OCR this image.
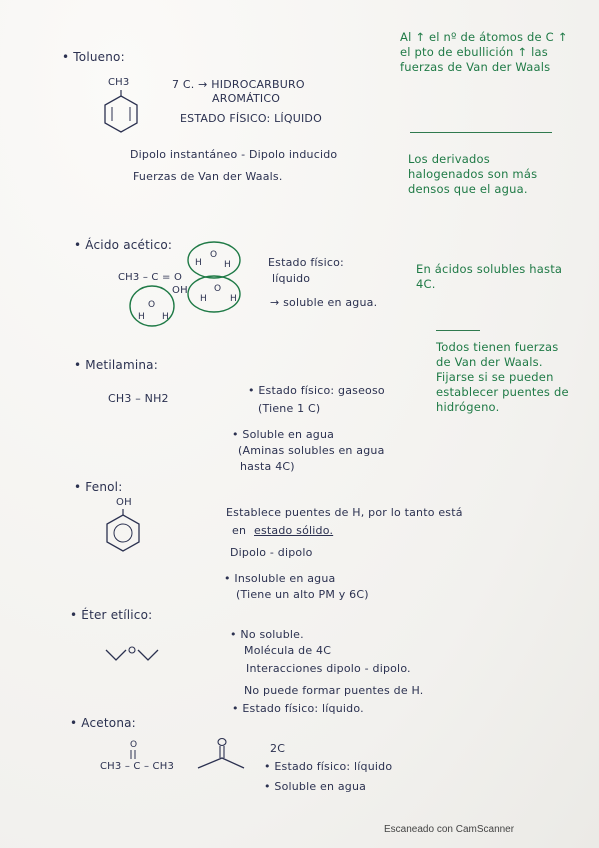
• Tolueno:
CH3	7 C. → HIDROCARBURO
AROMÁTICO
ESTADO FÍSICO: LÍQUIDO
Dipolo instantáneo - Dipolo inducido
Fuerzas de Van der Waals.
• Ácido acético:
CH3 – C = O
OH
H
O
H
O
H	H
O
H H
Estado físico:
líquido
→ soluble en agua.
• Metilamina:
CH3 – NH2
• Estado físico: gaseoso
(Tiene 1 C)
• Soluble en agua
(Aminas solubles en agua
hasta 4C)
• Fenol:
OH
Establece puentes de H, por lo tanto está
en estado sólido.
Dipolo - dipolo
• Insoluble en agua
(Tiene un alto PM y 6C)
• Éter etílico:
• No soluble.
Molécula de 4C
Interacciones dipolo - dipolo.
No puede formar puentes de H.
• Estado físico: líquido.
• Acetona:
O
CH3 – C – CH3
2C
• Estado físico: líquido
• Soluble en agua
Al ↑ el nº de átomos de C ↑ el pto de ebullición ↑ las fuerzas de Van der Waals
Los derivados halogenados son más densos que el agua.
En ácidos solubles hasta 4C.
Todos tienen fuerzas de Van der Waals. Fijarse si se pueden establecer puentes de hidrógeno.
Escaneado con CamScanner
